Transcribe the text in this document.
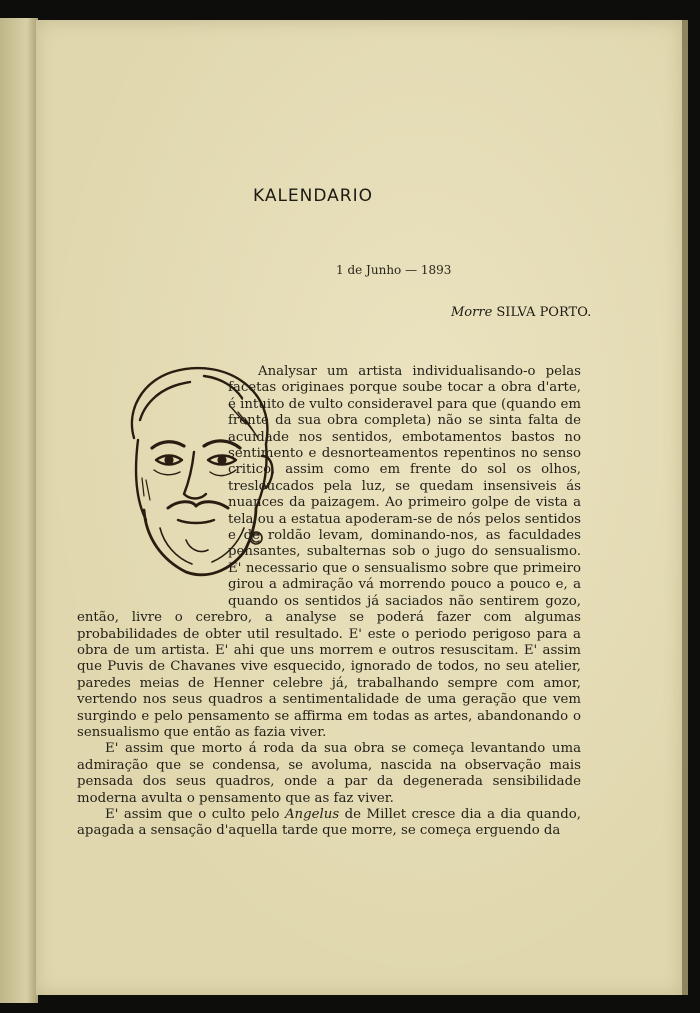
KALENDARIO
1 de Junho — 1893
Morre SILVA PORTO.

Analysar um artista individualisando-o pelas facetas originaes porque soube tocar a obra d'arte, é intuito de vulto consideravel para que (quando em frente da sua obra completa) não se sinta falta de acuidade nos sentidos, embotamentos bastos no sentimento e desnorteamentos repentinos no senso critico, assim como em frente do sol os olhos, tresloucados pela luz, se quedam insensiveis ás nuances da paizagem. Ao primeiro golpe de vista a tela ou a estatua apoderam-se de nós pelos sentidos e de roldão levam, dominando-nos, as faculdades pensantes, subalternas sob o jugo do sensualismo. E' necessario que o sensualismo sobre que primeiro girou a admiração vá morrendo pouco a pouco e, a quando os sentidos já saciados não sentirem gozo, então, livre o cerebro, a analyse se poderá fazer com algumas probabilidades de obter util resultado. E' este o periodo perigoso para a obra de um artista. E' ahi que uns morrem e outros resuscitam. E' assim que Puvis de Chavanes vive esquecido, ignorado de todos, no seu atelier, paredes meias de Henner celebre já, trabalhando sempre com amor, vertendo nos seus quadros a sentimentalidade de uma geração que vem surgindo e pelo pensamento se affirma em todas as artes, abandonando o sensualismo que então as fazia viver.

E' assim que morto á roda da sua obra se começa levantando uma admiração que se condensa, se avoluma, nascida na observação mais pensada dos seus quadros, onde a par da degenerada sensibilidade moderna avulta o pensamento que as faz viver.

E' assim que o culto pelo Angelus de Millet cresce dia a dia quando, apagada a sensação d'aquella tarde que morre, se começa erguendo da
